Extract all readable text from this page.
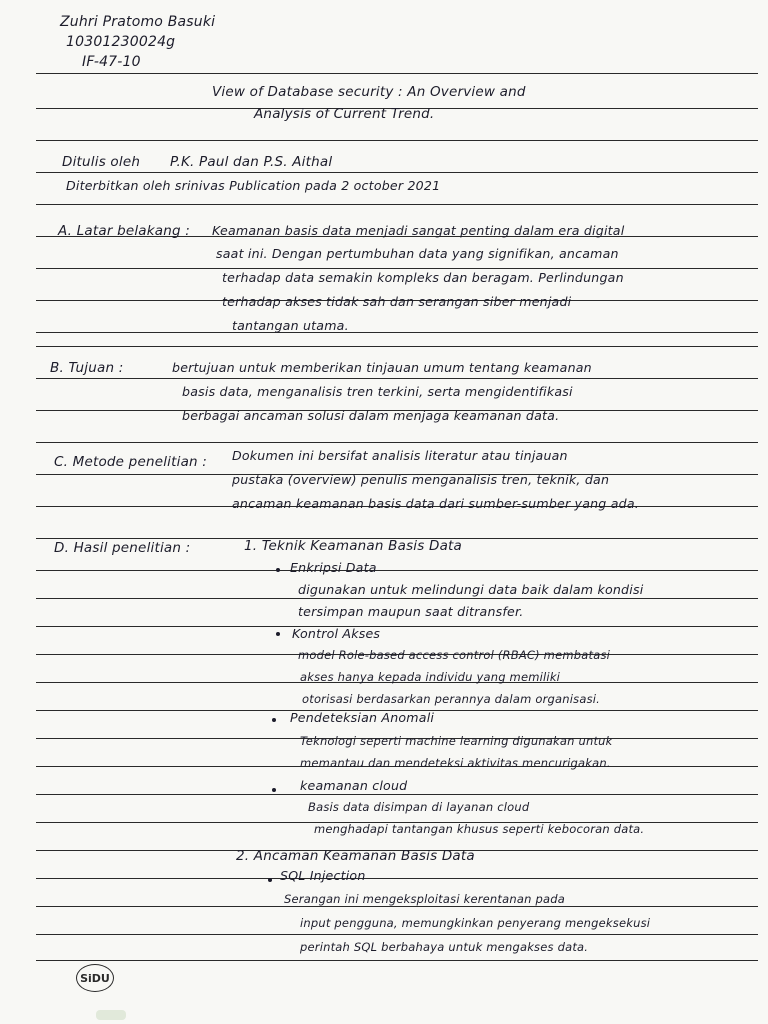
Zuhri Pratomo Basuki
10301230024g
IF-47-10
View of Database security : An Overview and
Analysis of Current Trend.
Ditulis oleh P.K. Paul dan P.S. Aithal
Diterbitkan oleh srinivas Publication pada 2 october 2021
A. Latar belakang : Keamanan basis data menjadi sangat penting dalam era digital
saat ini. Dengan pertumbuhan data yang signifikan, ancaman
terhadap data semakin kompleks dan beragam. Perlindungan
terhadap akses tidak sah dan serangan siber menjadi
tantangan utama.
B. Tujuan :	bertujuan untuk memberikan tinjauan umum tentang keamanan
basis data, menganalisis tren terkini, serta mengidentifikasi
berbagai ancaman solusi dalam menjaga keamanan data.
C. Metode penelitian : Dokumen ini bersifat analisis literatur atau tinjauan
pustaka (overview) penulis menganalisis tren, teknik, dan
ancaman keamanan basis data dari sumber-sumber yang ada.
D. Hasil penelitian :	1. Teknik Keamanan Basis Data
Enkripsi Data
digunakan untuk melindungi data baik dalam kondisi
tersimpan maupun saat ditransfer.
Kontrol Akses
model Role-based access control (RBAC) membatasi
akses hanya kepada individu yang memiliki
otorisasi berdasarkan perannya dalam organisasi.
Pendeteksian Anomali
Teknologi seperti machine learning digunakan untuk
memantau dan mendeteksi aktivitas mencurigakan.
keamanan cloud
Basis data disimpan di layanan cloud
menghadapi tantangan khusus seperti kebocoran data.
2. Ancaman Keamanan Basis Data
SQL Injection
Serangan ini mengeksploitasi kerentanan pada
input pengguna, memungkinkan penyerang mengeksekusi
perintah SQL berbahaya untuk mengakses data.
SiDU
